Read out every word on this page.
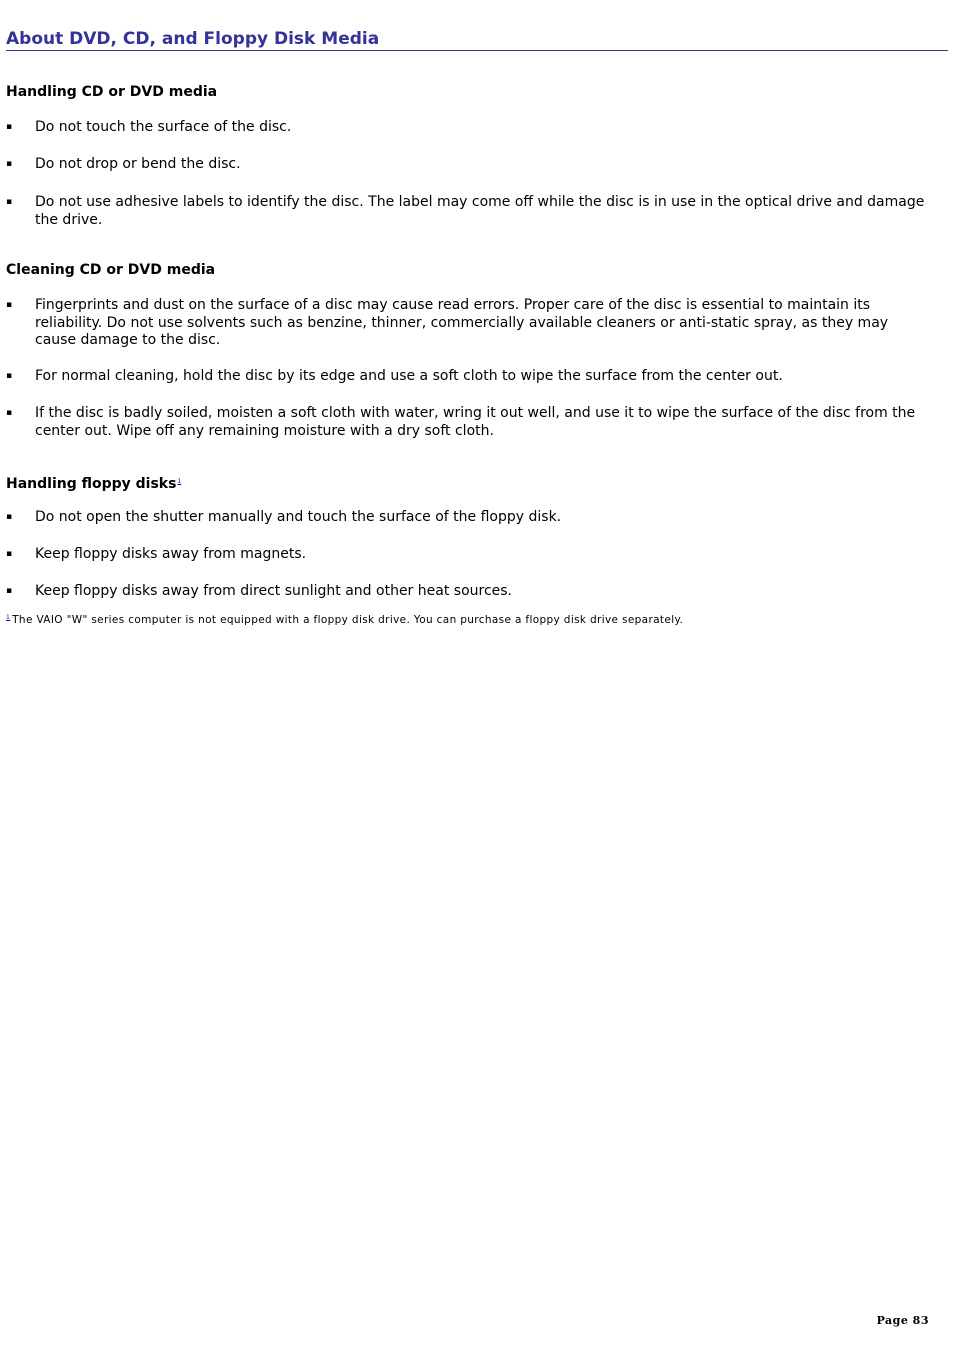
About DVD, CD, and Floppy Disk Media
Handling CD or DVD media
▪	Do not touch the surface of the disc.
▪	Do not drop or bend the disc.
▪	Do not use adhesive labels to identify the disc. The label may come off while the disc is in use in the optical drive and damage the drive.
Cleaning CD or DVD media
▪	Fingerprints and dust on the surface of a disc may cause read errors. Proper care of the disc is essential to maintain its reliability. Do not use solvents such as benzine, thinner, commercially available cleaners or anti-static spray, as they may cause damage to the disc.
▪	For normal cleaning, hold the disc by its edge and use a soft cloth to wipe the surface from the center out.
▪	If the disc is badly soiled, moisten a soft cloth with water, wring it out well, and use it to wipe the surface of the disc from the center out. Wipe off any remaining moisture with a dry soft cloth.
Handling floppy disks$^1$
▪	Do not open the shutter manually and touch the surface of the floppy disk.
▪	Keep floppy disks away from magnets.
▪	Keep floppy disks away from direct sunlight and other heat sources.
$^1$ The VAIO "W" series computer is not equipped with a floppy disk drive. You can purchase a floppy disk drive separately.
Page 83
